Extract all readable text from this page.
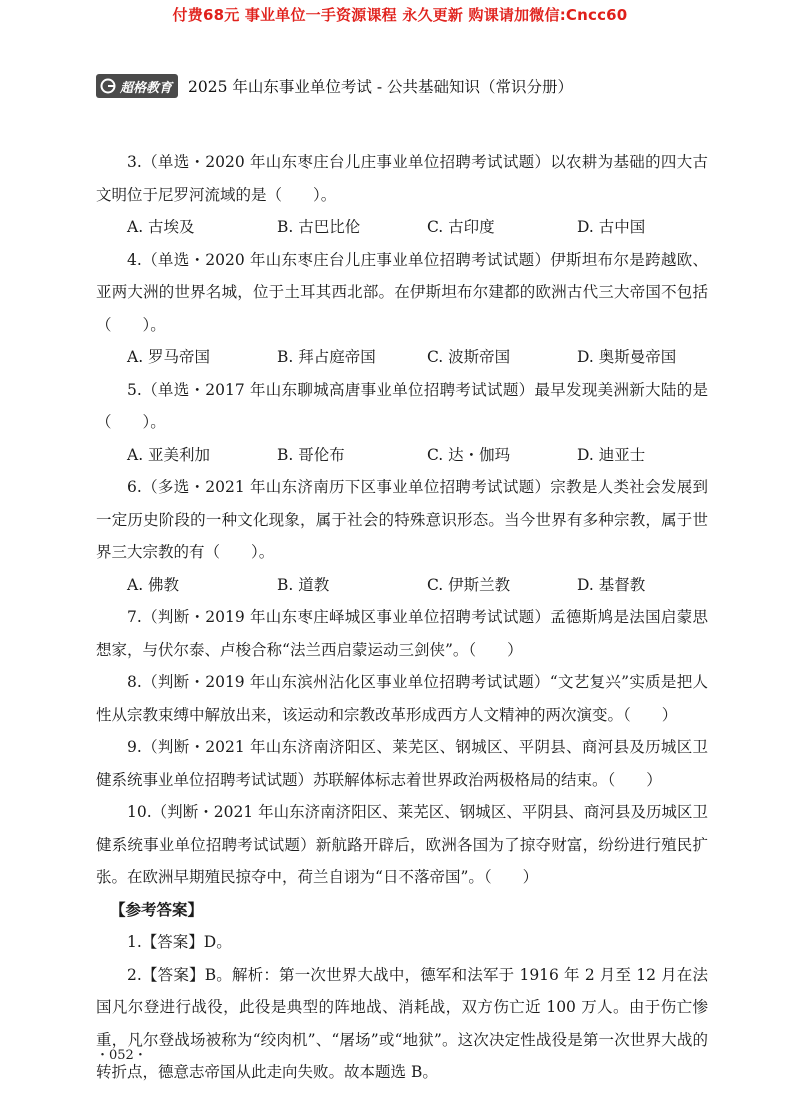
付费68元 事业单位一手资源课程 永久更新 购课请加微信:Cncc60
超格教育 2025 年山东事业单位考试 - 公共基础知识（常识分册）

3.（单选・2020 年山东枣庄台儿庄事业单位招聘考试试题）以农耕为基础的四大古文明位于尼罗河流域的是（　　）。

A. 古埃及	B. 古巴比伦	C. 古印度	D. 古中国

4.（单选・2020 年山东枣庄台儿庄事业单位招聘考试试题）伊斯坦布尔是跨越欧、亚两大洲的世界名城，位于土耳其西北部。在伊斯坦布尔建都的欧洲古代三大帝国不包括（　　）。

A. 罗马帝国	B. 拜占庭帝国	C. 波斯帝国	D. 奥斯曼帝国

5.（单选・2017 年山东聊城高唐事业单位招聘考试试题）最早发现美洲新大陆的是（　　）。

A. 亚美利加	B. 哥伦布	C. 达・伽玛	D. 迪亚士

6.（多选・2021 年山东济南历下区事业单位招聘考试试题）宗教是人类社会发展到一定历史阶段的一种文化现象，属于社会的特殊意识形态。当今世界有多种宗教，属于世界三大宗教的有（　　）。

A. 佛教	B. 道教	C. 伊斯兰教	D. 基督教

7.（判断・2019 年山东枣庄峄城区事业单位招聘考试试题）孟德斯鸠是法国启蒙思想家，与伏尔泰、卢梭合称“法兰西启蒙运动三剑侠”。（　　）

8.（判断・2019 年山东滨州沾化区事业单位招聘考试试题）“文艺复兴”实质是把人性从宗教束缚中解放出来，该运动和宗教改革形成西方人文精神的两次演变。（　　）

9.（判断・2021 年山东济南济阳区、莱芜区、钢城区、平阴县、商河县及历城区卫健系统事业单位招聘考试试题）苏联解体标志着世界政治两极格局的结束。（　　）

10.（判断・2021 年山东济南济阳区、莱芜区、钢城区、平阴县、商河县及历城区卫健系统事业单位招聘考试试题）新航路开辟后，欧洲各国为了掠夺财富，纷纷进行殖民扩张。在欧洲早期殖民掠夺中，荷兰自诩为“日不落帝国”。（　　）

【参考答案】

1.【答案】D。

2.【答案】B。解析：第一次世界大战中，德军和法军于 1916 年 2 月至 12 月在法国凡尔登进行战役，此役是典型的阵地战、消耗战，双方伤亡近 100 万人。由于伤亡惨重，凡尔登战场被称为“绞肉机”、“屠场”或“地狱”。这次决定性战役是第一次世界大战的转折点，德意志帝国从此走向失败。故本题选 B。

・052・
